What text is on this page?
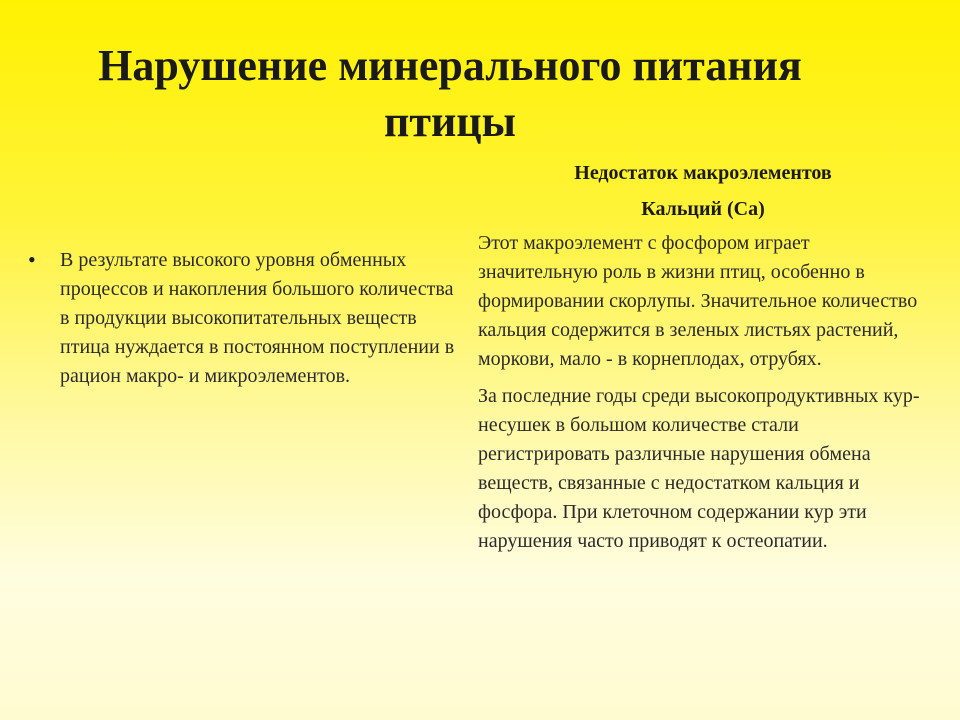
Нарушение минерального питания птицы
•	В результате высокого уровня обменных процессов и накопления большого количества в продукции высокопитательных веществ птица нуждается в постоянном поступлении в рацион макро- и микроэлементов.

Недостаток макроэлементов

Кальций (Са)

Этот макроэлемент с фосфором играет значительную роль в жизни птиц, особенно в формировании скорлупы. Значительное количество кальция содержится в зеленых листьях растений, моркови, мало - в корнеплодах, отрубях.

За последние годы среди высокопродуктивных кур-несушек в большом количестве стали регистрировать различные нарушения обмена веществ, связанные с недостатком кальция и фосфора. При клеточном содержании кур эти нарушения часто приводят к остеопатии.
